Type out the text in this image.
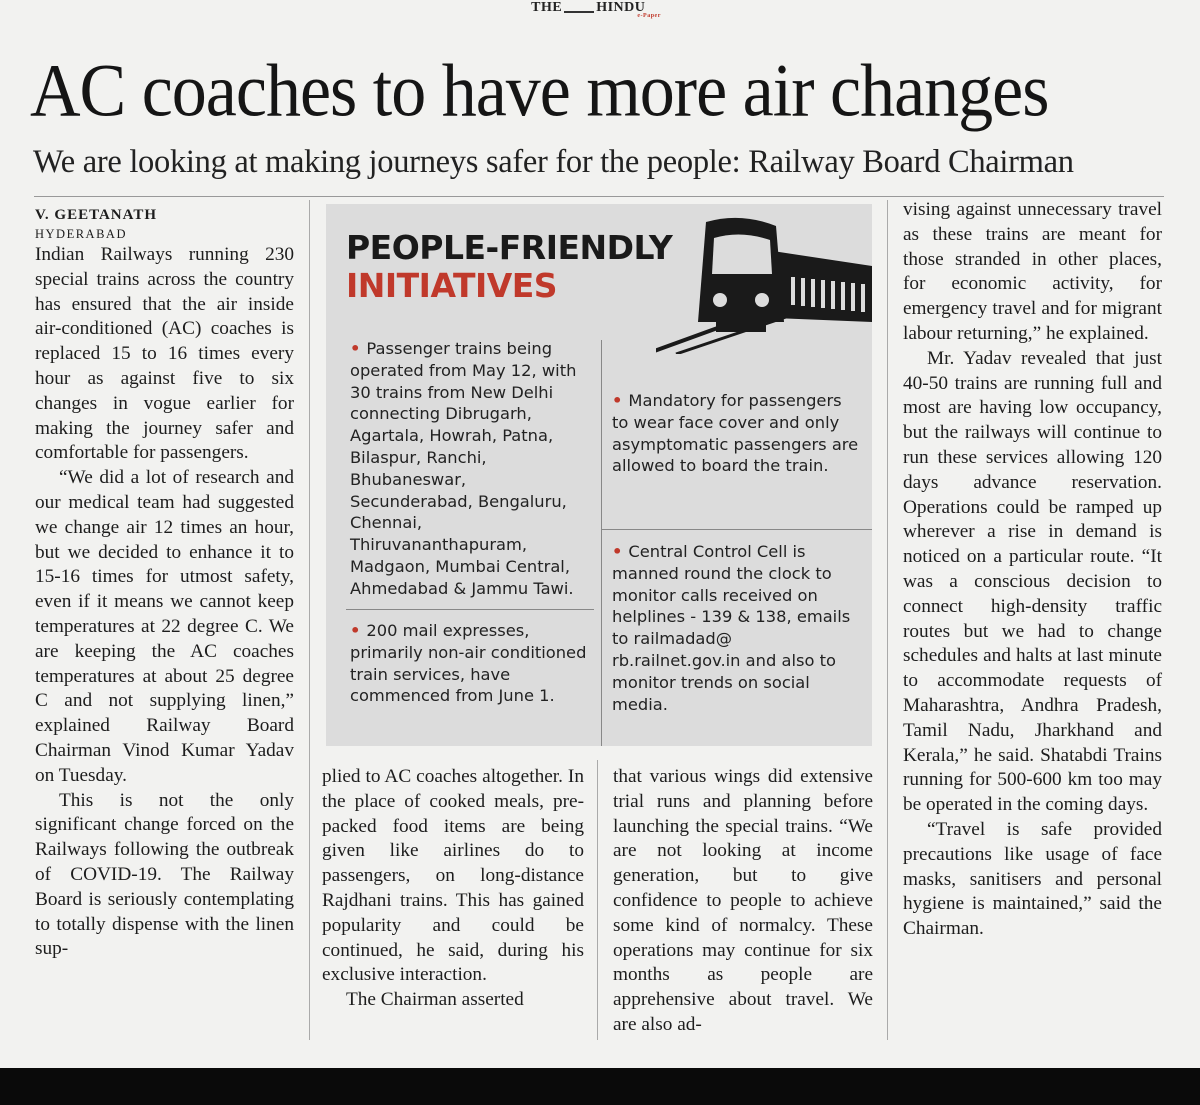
THE $HINDU_{e-Paper}$
AC coaches to have more air changes
We are looking at making journeys safer for the people: Railway Board Chairman

V. GEETANATH

HYDERABAD

Indian Railways running 230 special trains across the country has ensured that the air inside air-conditioned (AC) coaches is replaced 15 to 16 times every hour as against five to six changes in vogue earlier for making the journey safer and comfortable for passengers.

“We did a lot of research and our medical team had suggested we change air 12 times an hour, but we decided to enhance it to 15-16 times for utmost safety, even if it means we cannot keep temperatures at 22 degree C. We are keeping the AC coaches temperatures at about 25 degree C and not supplying linen,” explained Railway Board Chairman Vinod Kumar Yadav on Tuesday.

This is not the only significant change forced on the Railways following the outbreak of COVID-19. The Railway Board is seriously contemplating to totally dispense with the linen sup-

PEOPLE-FRIENDLY

INITIATIVES

• Passenger trains being operated from May 12, with 30 trains from New Delhi connecting Dibrugarh, Agartala, Howrah, Patna, Bilaspur, Ranchi, Bhubaneswar, Secunderabad, Bengaluru, Chennai, Thiruvananthapuram, Madgaon, Mumbai Central, Ahmedabad & Jammu Tawi.

• 200 mail expresses, primarily non-air conditioned train services, have commenced from June 1.

• Mandatory for passengers to wear face cover and only asymptomatic passengers are allowed to board the train.

• Central Control Cell is manned round the clock to monitor calls received on helplines - 139 & 138, emails to railmadad@ rb.railnet.gov.in and also to monitor trends on social media.

plied to AC coaches altogether. In the place of cooked meals, pre-packed food items are being given like airlines do to passengers, on long-distance Rajdhani trains. This has gained popularity and could be continued, he said, during his exclusive interaction.

The Chairman asserted

that various wings did extensive trial runs and planning before launching the special trains. “We are not looking at income generation, but to give confidence to people to achieve some kind of normalcy. These operations may continue for six months as people are apprehensive about travel. We are also ad-

vising against unnecessary travel as these trains are meant for those stranded in other places, for economic activity, for emergency travel and for migrant labour returning,” he explained.

Mr. Yadav revealed that just 40-50 trains are running full and most are having low occupancy, but the railways will continue to run these services allowing 120 days advance reservation. Operations could be ramped up wherever a rise in demand is noticed on a particular route. “It was a conscious decision to connect high-density traffic routes but we had to change schedules and halts at last minute to accommodate requests of Maharashtra, Andhra Pradesh, Tamil Nadu, Jharkhand and Kerala,” he said. Shatabdi Trains running for 500-600 km too may be operated in the coming days.

“Travel is safe provided precautions like usage of face masks, sanitisers and personal hygiene is maintained,” said the Chairman.
